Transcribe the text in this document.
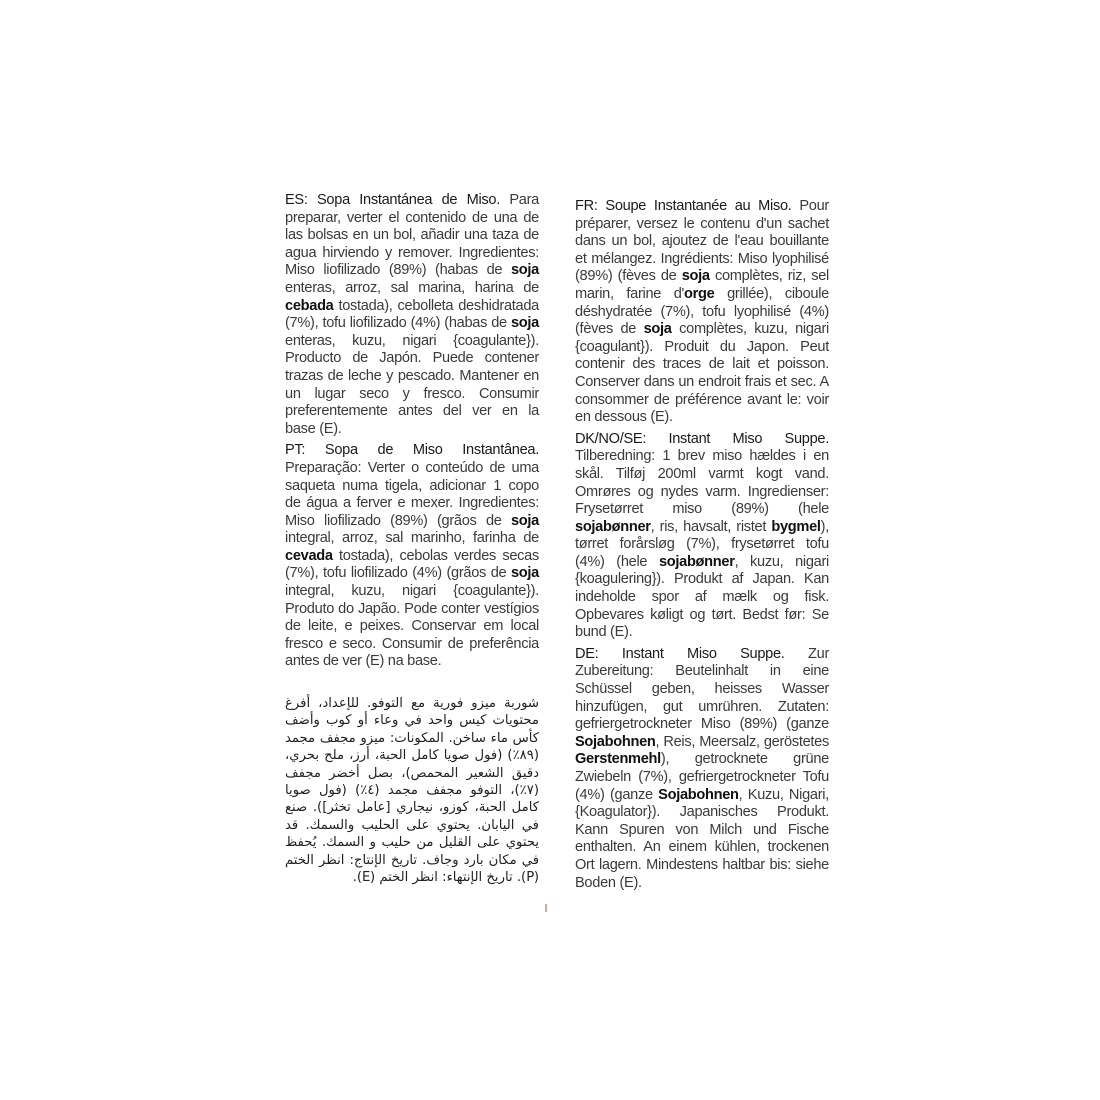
ES: Sopa Instantánea de Miso. Para preparar, verter el contenido de una de las bolsas en un bol, añadir una taza de agua hirviendo y remover. Ingredientes: Miso liofilizado (89%) (habas de soja enteras, arroz, sal marina, harina de cebada tostada), cebolleta deshidratada (7%), tofu liofilizado (4%) (habas de soja enteras, kuzu, nigari {coagulante}). Producto de Japón. Puede contener trazas de leche y pescado. Mantener en un lugar seco y fresco. Consumir preferentemente antes del ver en la base (E).

PT: Sopa de Miso Instantânea. Preparação: Verter o conteúdo de uma saqueta numa tigela, adicionar 1 copo de água a ferver e mexer. Ingredientes: Miso liofilizado (89%) (grãos de soja integral, arroz, sal marinho, farinha de cevada tostada), cebolas verdes secas (7%), tofu liofilizado (4%) (grãos de soja integral, kuzu, nigari {coagulante}). Produto do Japão. Pode conter vestígios de leite, e peixes. Conservar em local fresco e seco. Consumir de preferência antes de ver (E) na base.

شوربة ميزو فورية مع التوفو. للإعداد، أفرغ محتويات كيس واحد في وعاء أو كوب وأضف كأس ماء ساخن. المكونات: ميزو مجفف مجمد (٨٩٪) (فول صويا كامل الحبة، أرز، ملح بحري، دقيق الشعير المحمص)، بصل أخضر مجفف (٧٪)، التوفو مجفف مجمد (٤٪) (فول صويا كامل الحبة، كوزو، نيجاري [عامل تخثر]). صنع في اليابان. يحتوي على الحليب والسمك. قد يحتوي على القليل من حليب و السمك. يُحفظ في مكان بارد وجاف. تاريخ الإنتاج: انظر الختم (P). تاريخ الإنتهاء: انظر الختم (E).

FR: Soupe Instantanée au Miso. Pour préparer, versez le contenu d'un sachet dans un bol, ajoutez de l'eau bouillante et mélangez. Ingrédients: Miso lyophilisé (89%) (fèves de soja complètes, riz, sel marin, farine d'orge grillée), ciboule déshydratée (7%), tofu lyophilisé (4%) (fèves de soja complètes, kuzu, nigari {coagulant}). Produit du Japon. Peut contenir des traces de lait et poisson. Conserver dans un endroit frais et sec. A consommer de préférence avant le: voir en dessous (E).

DK/NO/SE: Instant Miso Suppe. Tilberedning: 1 brev miso hældes i en skål. Tilføj 200ml varmt kogt vand. Omrøres og nydes varm. Ingredienser: Frysetørret miso (89%) (hele sojabønner, ris, havsalt, ristet bygmel), tørret forårsløg (7%), frysetørret tofu (4%) (hele sojabønner, kuzu, nigari {koagulering}). Produkt af Japan. Kan indeholde spor af mælk og fisk. Opbevares køligt og tørt. Bedst før: Se bund (E).

DE: Instant Miso Suppe. Zur Zubereitung: Beutelinhalt in eine Schüssel geben, heisses Wasser hinzufügen, gut umrühren. Zutaten: gefriergetrockneter Miso (89%) (ganze Sojabohnen, Reis, Meersalz, geröstetes Gerstenmehl), getrocknete grüne Zwiebeln (7%), gefriergetrockneter Tofu (4%) (ganze Sojabohnen, Kuzu, Nigari, {Koagulator}). Japanisches Produkt. Kann Spuren von Milch und Fische enthalten. An einem kühlen, trockenen Ort lagern. Mindestens haltbar bis: siehe Boden (E).
